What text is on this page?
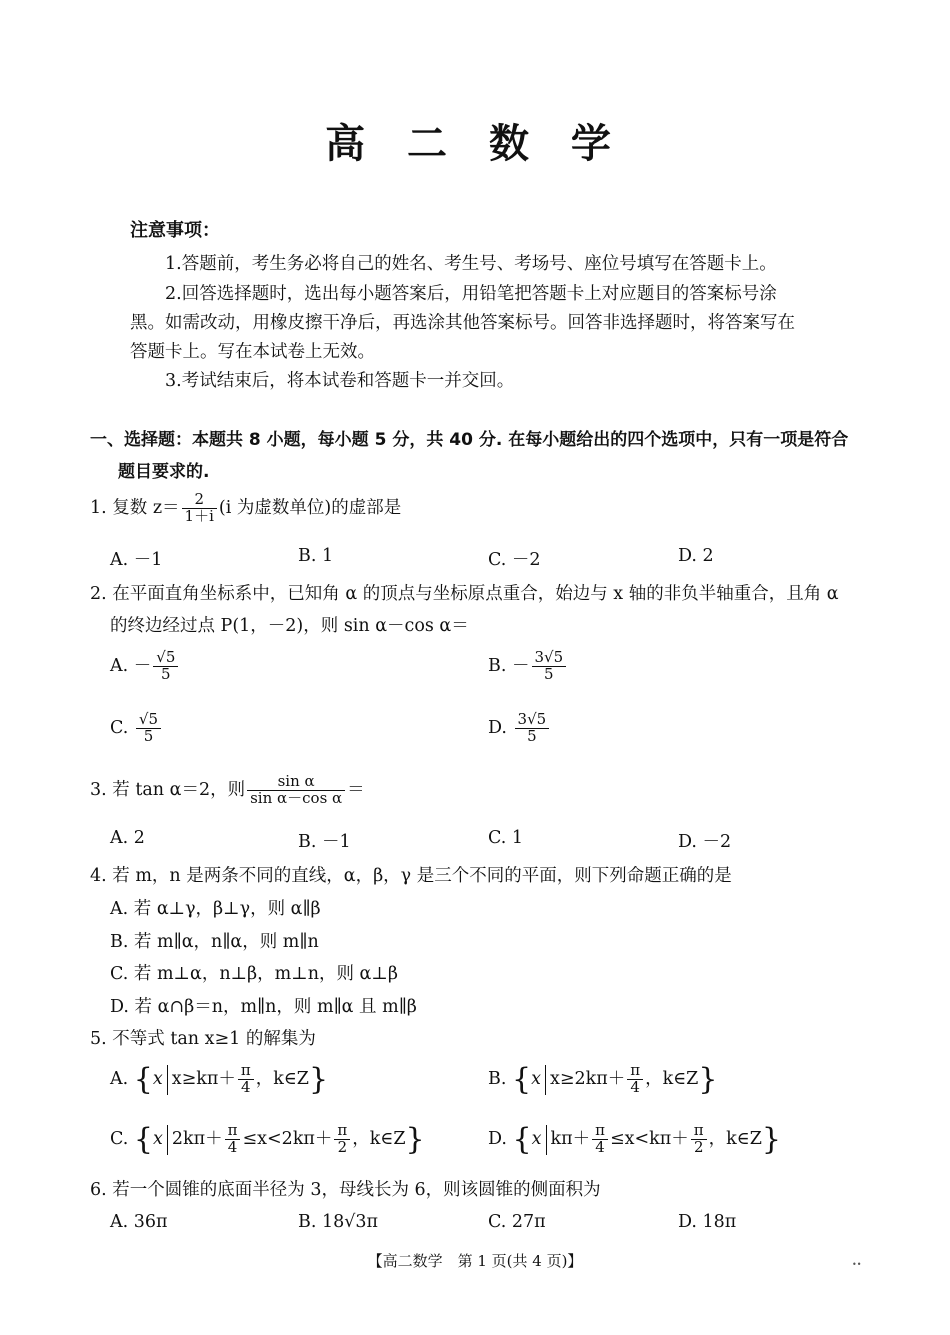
高 二 数 学
注意事项：
1.答题前，考生务必将自己的姓名、考生号、考场号、座位号填写在答题卡上。
2.回答选择题时，选出每小题答案后，用铅笔把答题卡上对应题目的答案标号涂
黑。如需改动，用橡皮擦干净后，再选涂其他答案标号。回答非选择题时，将答案写在
答题卡上。写在本试卷上无效。
3.考试结束后，将本试卷和答题卡一并交回。
一、选择题：本题共 8 小题，每小题 5 分，共 40 分. 在每小题给出的四个选项中，只有一项是符合
题目要求的.
1. 复数 $z= \frac{2}{1+i} (i$ 为虚数单位)的虚部是
A. －1	B. 1	C. －2	D. 2
2. 在平面直角坐标系中，已知角 α 的顶点与坐标原点重合，始边与 x 轴的非负半轴重合，且角 α
的终边经过点 P(1，－2)，则 sin α－cos α＝
A. － $\frac{√5}{5}$	B. － $\frac{3√5}{5}$
C. $\frac{√5}{5}$	D. $\frac{3√5}{5}$
3. 若 tan α＝2，则 $\frac{\text{sin α}}{\text{sin α－cos α}}$ ＝
A. 2	B. －1	C. 1	D. －2
4. 若 m，n 是两条不同的直线，α，β，γ 是三个不同的平面，则下列命题正确的是
A. 若 α⊥γ，β⊥γ，则 α∥β
B. 若 m∥α，n∥α，则 m∥n
C. 若 m⊥α，n⊥β，m⊥n，则 α⊥β
D. 若 α∩β＝n，m∥n，则 m∥α 且 m∥β
5. 不等式 tan x≥1 的解集为
A. {x $x\ge k\pi+ \frac{\pi}{4}$ ，k∈Z}	B. {x $x\ge 2k\pi+ \frac{\pi}{4}$ ，k∈Z}
C. {x $2k\pi+ \frac{\pi}{4} \le x<2k\pi+ \frac{\pi}{2}$ ，k∈Z}	D. {x $k\pi+ \frac{\pi}{4} \le x<k\pi+ \frac{\pi}{2}$ ，k∈Z}
6. 若一个圆锥的底面半径为 3，母线长为 6，则该圆锥的侧面积为
A. 36π	B. 18√3π	C. 27π	D. 18π
【高二数学　第 1 页(共 4 页)】	••
